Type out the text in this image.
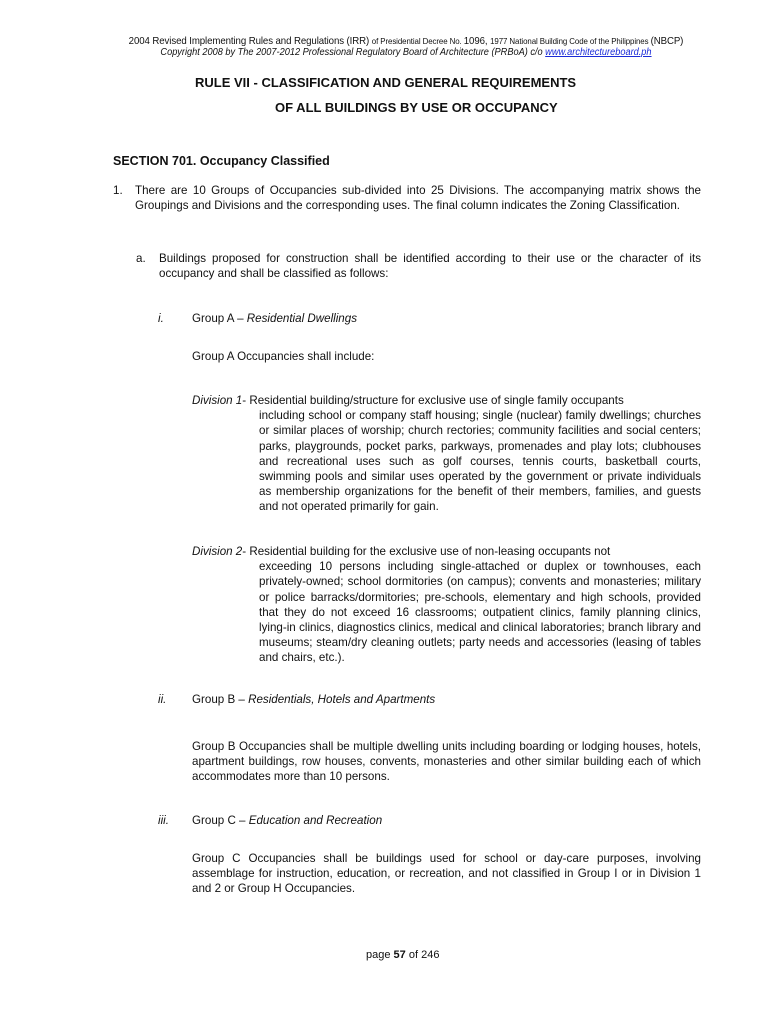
2004 Revised Implementing Rules and Regulations (IRR) of Presidential Decree No. 1096, 1977 National Building Code of the Philippines (NBCP)
Copyright 2008 by The 2007-2012 Professional Regulatory Board of Architecture (PRBoA) c/o www.architectureboard.ph
RULE VII - CLASSIFICATION AND GENERAL REQUIREMENTS
OF ALL BUILDINGS BY USE OR OCCUPANCY
SECTION 701. Occupancy Classified
1. There are 10 Groups of Occupancies sub-divided into 25 Divisions. The accompanying matrix shows the Groupings and Divisions and the corresponding uses. The final column indicates the Zoning Classification.
a. Buildings proposed for construction shall be identified according to their use or the character of its occupancy and shall be classified as follows:
i. Group A – Residential Dwellings
Group A Occupancies shall include:
Division 1- Residential building/structure for exclusive use of single family occupants
including school or company staff housing; single (nuclear) family dwellings; churches or similar places of worship; church rectories; community facilities and social centers; parks, playgrounds, pocket parks, parkways, promenades and play lots; clubhouses and recreational uses such as golf courses, tennis courts, basketball courts, swimming pools and similar uses operated by the government or private individuals as membership organizations for the benefit of their members, families, and guests and not operated primarily for gain.
Division 2- Residential building for the exclusive use of non-leasing occupants not
exceeding 10 persons including single-attached or duplex or townhouses, each privately-owned; school dormitories (on campus); convents and monasteries; military or police barracks/dormitories; pre-schools, elementary and high schools, provided that they do not exceed 16 classrooms; outpatient clinics, family planning clinics, lying-in clinics, diagnostics clinics, medical and clinical laboratories; branch library and museums; steam/dry cleaning outlets; party needs and accessories (leasing of tables and chairs, etc.).
ii. Group B – Residentials, Hotels and Apartments
Group B Occupancies shall be multiple dwelling units including boarding or lodging houses, hotels, apartment buildings, row houses, convents, monasteries and other similar building each of which accommodates more than 10 persons.
iii. Group C – Education and Recreation
Group C Occupancies shall be buildings used for school or day-care purposes, involving assemblage for instruction, education, or recreation, and not classified in Group I or in Division 1 and 2 or Group H Occupancies.
page 57 of 246
